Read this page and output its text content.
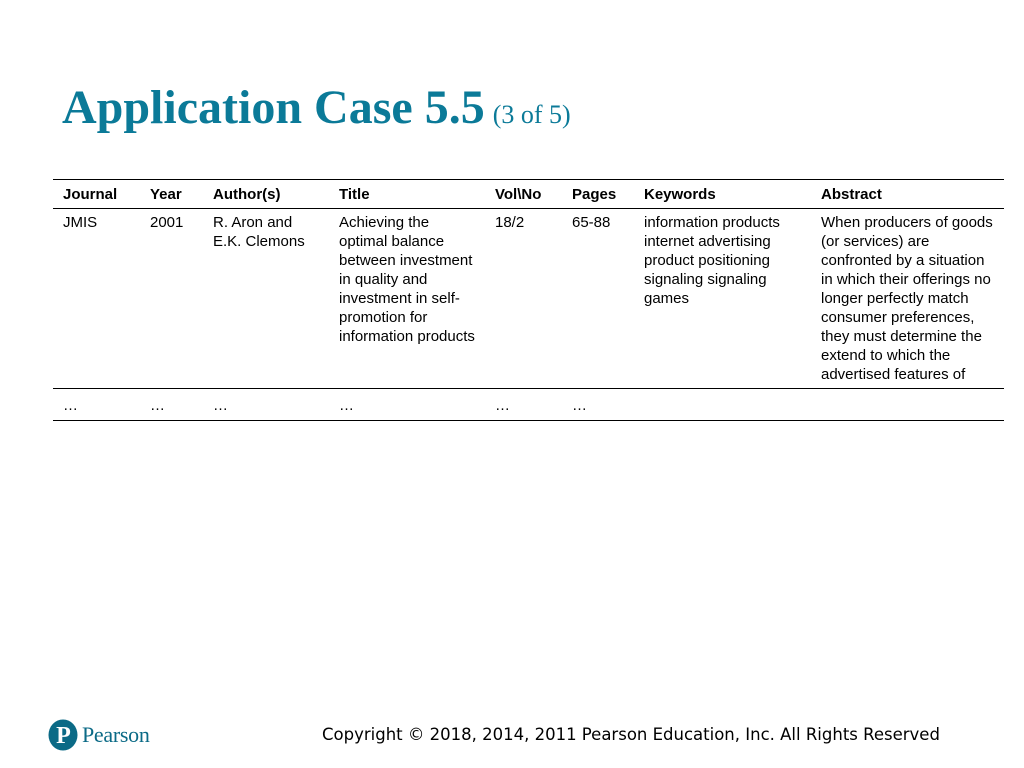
Application Case 5.5 (3 of 5)
Journal	Year	Author(s)	Title	Vol\No	Pages	Keywords	Abstract
JMIS	2001	R. Aron and E.K. Clemons	Achieving the optimal balance between investment in quality and investment in self-promotion for information products	18/2	65-88	information products internet advertising product positioning signaling signaling games	When producers of goods (or services) are confronted by a situation in which their offerings no longer perfectly match consumer preferences, they must determine the extend to which the advertised features of
…	…	…	…	…	…		
P Pearson	Copyright © 2018, 2014, 2011 Pearson Education, Inc. All Rights Reserved
